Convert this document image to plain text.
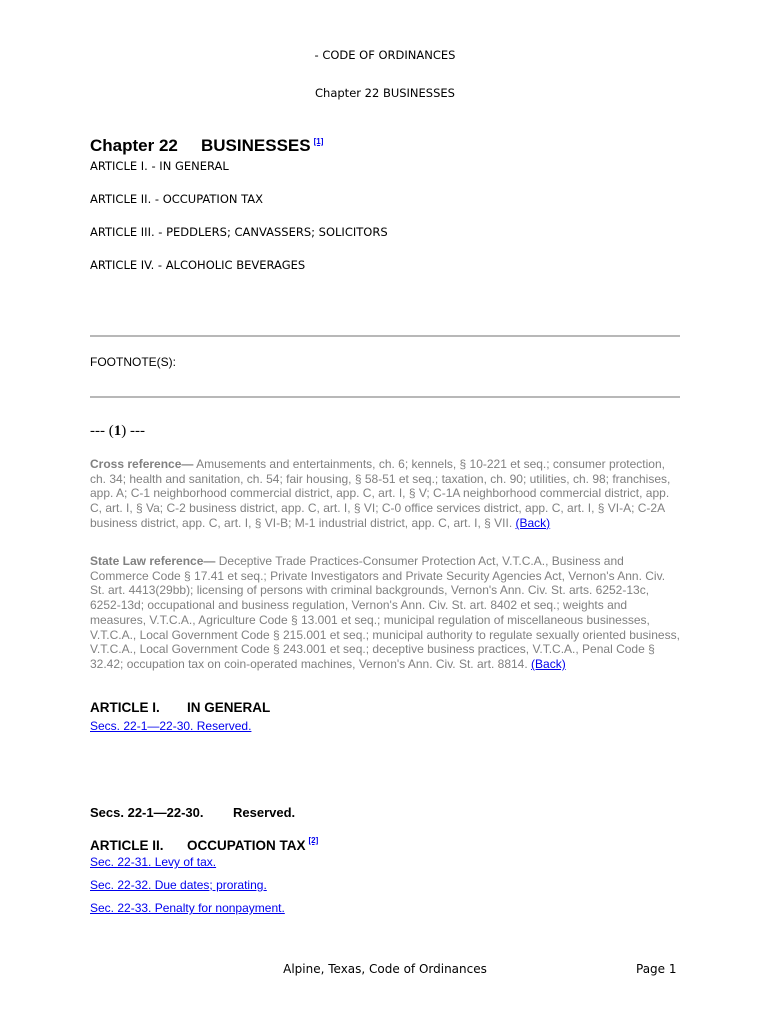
- CODE OF ORDINANCES
Chapter 22 BUSINESSES
Chapter 22 BUSINESSES [1]
ARTICLE I. - IN GENERAL
ARTICLE II. - OCCUPATION TAX
ARTICLE III. - PEDDLERS; CANVASSERS; SOLICITORS
ARTICLE IV. - ALCOHOLIC BEVERAGES
FOOTNOTE(S):
--- (1) ---
Cross reference— Amusements and entertainments, ch. 6; kennels, § 10-221 et seq.; consumer protection, ch. 34; health and sanitation, ch. 54; fair housing, § 58-51 et seq.; taxation, ch. 90; utilities, ch. 98; franchises, app. A; C-1 neighborhood commercial district, app. C, art. I, § V; C-1A neighborhood commercial district, app. C, art. I, § Va; C-2 business district, app. C, art. I, § VI; C-0 office services district, app. C, art. I, § VI-A; C-2A business district, app. C, art. I, § VI-B; M-1 industrial district, app. C, art. I, § VII. (Back)
State Law reference— Deceptive Trade Practices-Consumer Protection Act, V.T.C.A., Business and Commerce Code § 17.41 et seq.; Private Investigators and Private Security Agencies Act, Vernon's Ann. Civ. St. art. 4413(29bb); licensing of persons with criminal backgrounds, Vernon's Ann. Civ. St. arts. 6252-13c, 6252-13d; occupational and business regulation, Vernon's Ann. Civ. St. art. 8402 et seq.; weights and measures, V.T.C.A., Agriculture Code § 13.001 et seq.; municipal regulation of miscellaneous businesses, V.T.C.A., Local Government Code § 215.001 et seq.; municipal authority to regulate sexually oriented business, V.T.C.A., Local Government Code § 243.001 et seq.; deceptive business practices, V.T.C.A., Penal Code § 32.42; occupation tax on coin-operated machines, Vernon's Ann. Civ. St. art. 8814. (Back)
ARTICLE I. IN GENERAL
Secs. 22-1—22-30. Reserved.
Secs. 22-1—22-30. Reserved.
ARTICLE II. OCCUPATION TAX [2]
Sec. 22-31. Levy of tax.
Sec. 22-32. Due dates; prorating.
Sec. 22-33. Penalty for nonpayment.
Alpine, Texas, Code of Ordinances	Page 1
